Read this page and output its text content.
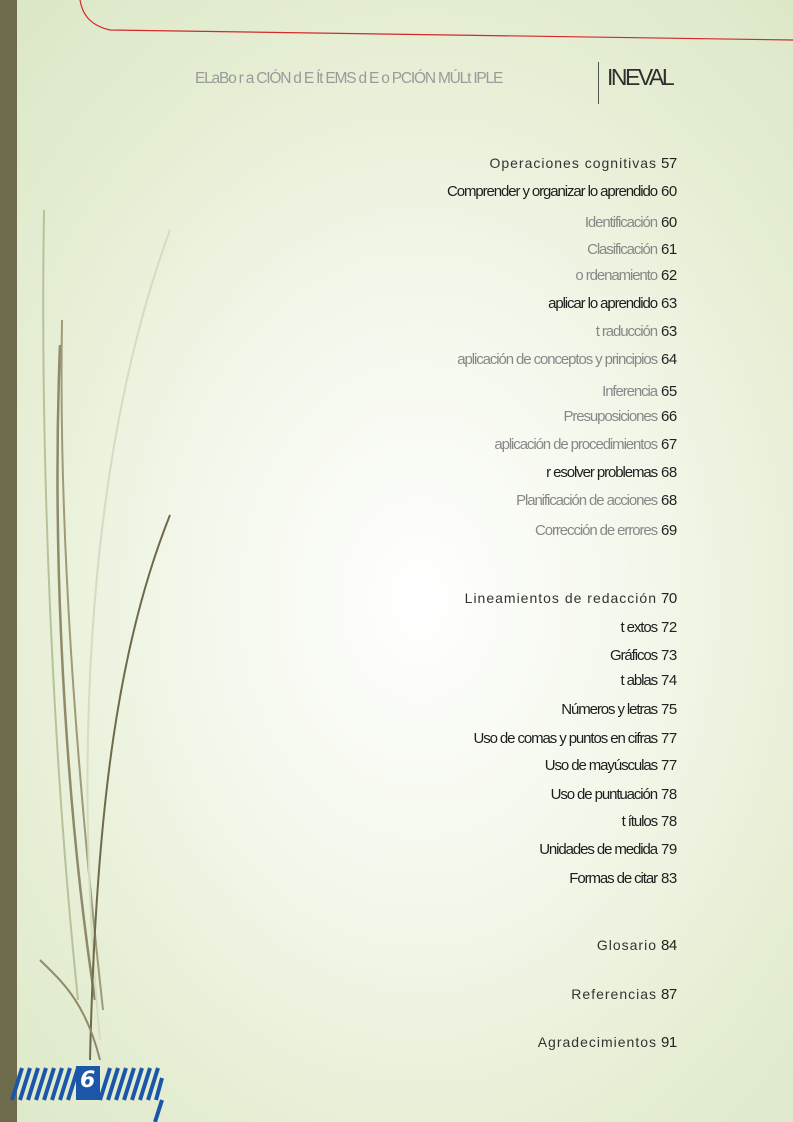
ELaBo r a CIÓN d E Ít EMS d E o PCIÓN MÚLt IPLE	INEVAL
Operaciones cognitivas 57
Comprender y organizar lo aprendido 60
Identificación 60
Clasificación 61
o rdenamiento 62
aplicar lo aprendido 63
t raducción 63
aplicación de conceptos y principios 64
Inferencia 65
Presuposiciones 66
aplicación de procedimientos 67
r esolver problemas 68
Planificación de acciones 68
Corrección de errores 69
Lineamientos de redacción 70
t extos 72
Gráficos 73
t ablas 74
Números y letras 75
Uso de comas y puntos en cifras 77
Uso de mayúsculas 77
Uso de puntuación 78
t ítulos 78
Unidades de medida 79
Formas de citar 83
Glosario 84
Referencias 87
Agradecimientos 91
6
